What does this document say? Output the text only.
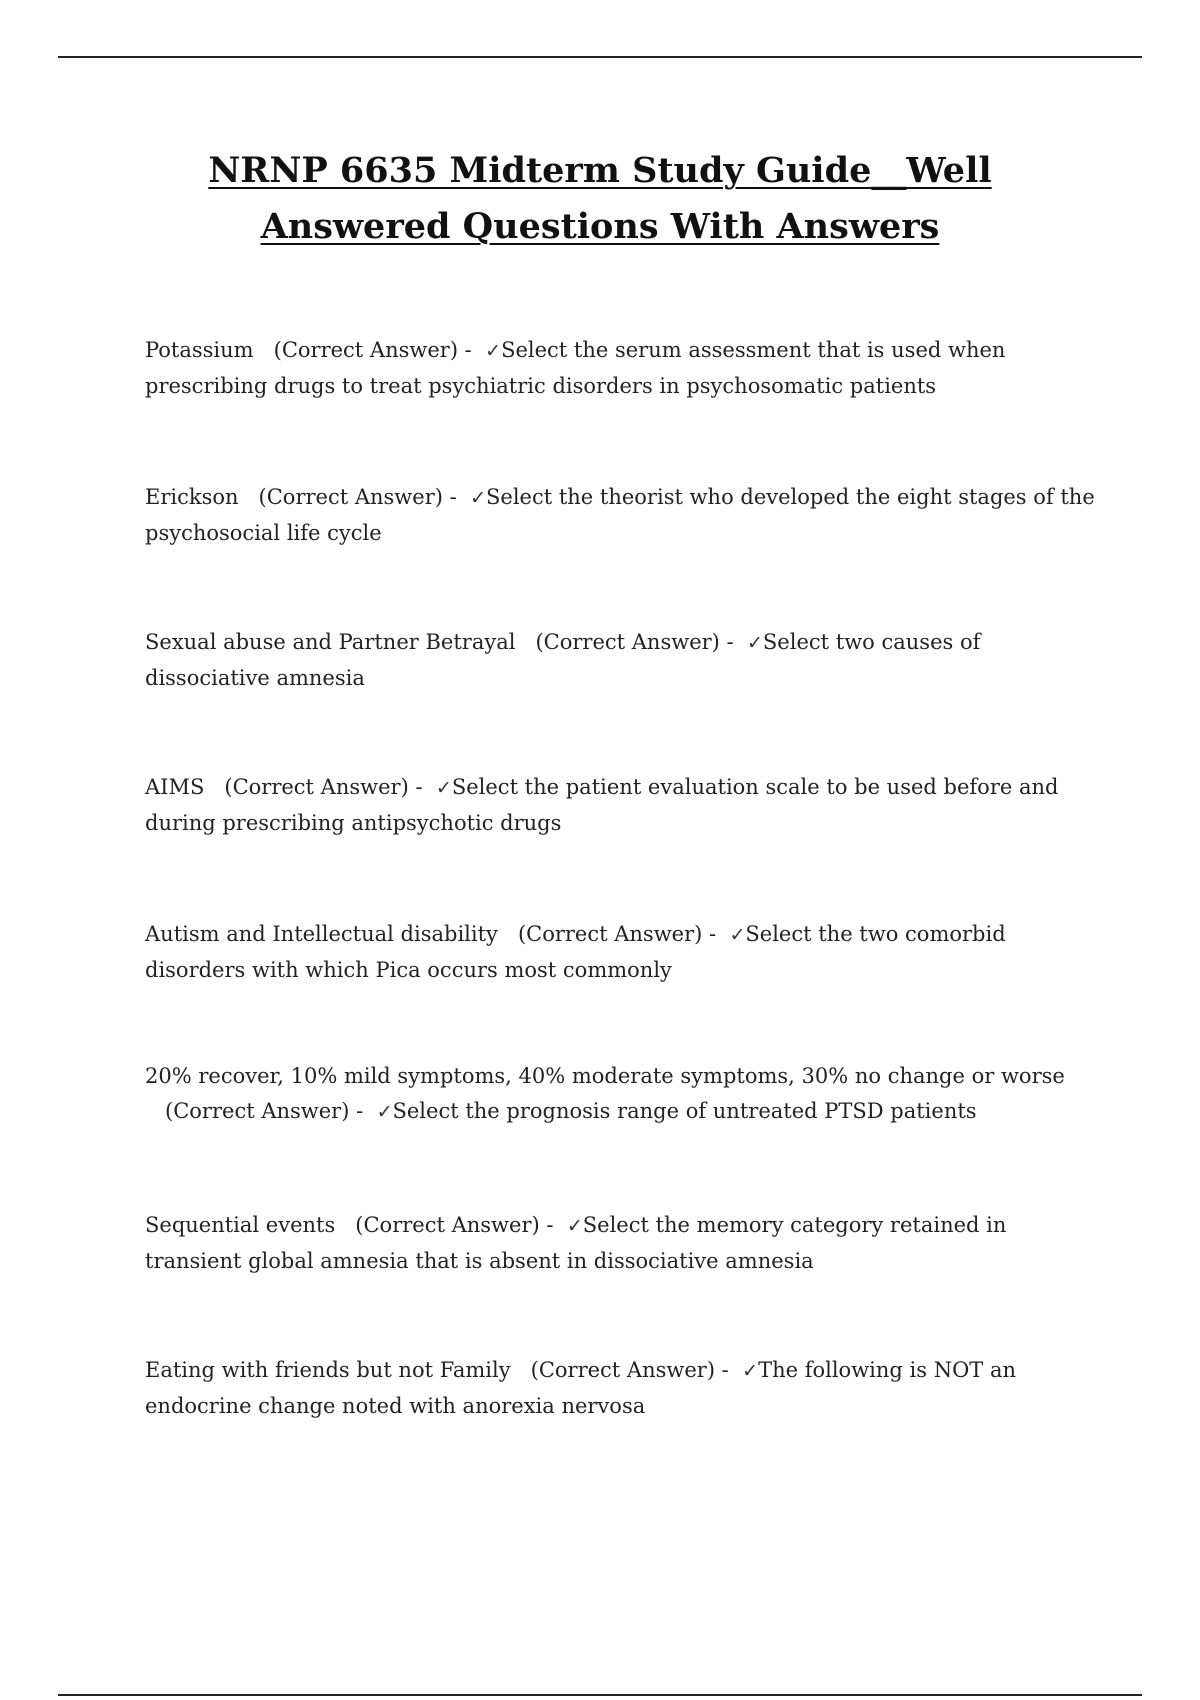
NRNP 6635 Midterm Study Guide__Well
Answered Questions With Answers
Potassium (Correct Answer) - ✓Select the serum assessment that is used when prescribing drugs to treat psychiatric disorders in psychosomatic patients
Erickson (Correct Answer) - ✓Select the theorist who developed the eight stages of the psychosocial life cycle
Sexual abuse and Partner Betrayal (Correct Answer) - ✓Select two causes of dissociative amnesia
AIMS (Correct Answer) - ✓Select the patient evaluation scale to be used before and during prescribing antipsychotic drugs
Autism and Intellectual disability (Correct Answer) - ✓Select the two comorbid disorders with which Pica occurs most commonly
20% recover, 10% mild symptoms, 40% moderate symptoms, 30% no change or worse   (Correct Answer) - ✓Select the prognosis range of untreated PTSD patients
Sequential events (Correct Answer) - ✓Select the memory category retained in transient global amnesia that is absent in dissociative amnesia
Eating with friends but not Family (Correct Answer) - ✓The following is NOT an endocrine change noted with anorexia nervosa
